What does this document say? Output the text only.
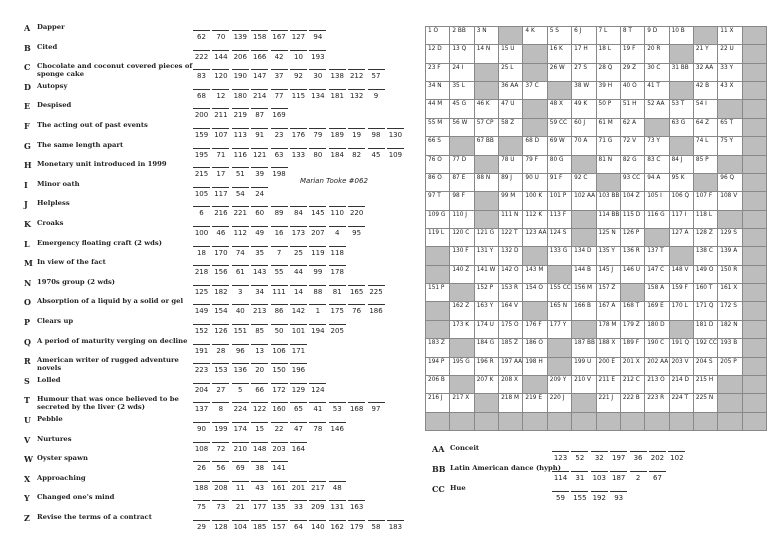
A Dapper
62	70	139 158 167 127	94
B Cited
222 144 206 166	42	10	193
C Chocolate and coconut covered pieces of sponge cake	83	120 190 147	37	92	30	138 212	57
D Autopsy
68	12	180 214	77	115 134 181 132	9
E Despised
200 211 219	87	169
F The acting out of past events
159 107 113	91	23	176	79	189	19	98	130
G The same length apart
195	71	116 121	63	133	80	184	82	45	109
H Monetary unit introduced in 1999
215	17	51	39	198
I Minor oath
105 117	54	24
J Helpless
6	216 221	60	89	84	145 110 220
K Croaks
100	46	112	49	16	173 207	4	95
L Emergency floating craft (2 wds)
18	170	74	35	7	25	119 118
M In view of the fact
218 156	61	143	55	44	99	178
N 1970s group (2 wds)
125 182	3	34	111	14	88	81	165 225
O Absorption of a liquid by a solid or gel
149 154	40	213	86	142	1	175	76	186
P Clears up
152 126 151	85	50	101 194 205
Q A period of maturity verging on decline
191	28	96	13	106 171
R American writer of rugged adventure novels	223 153 136	20	150 196
S Lolled
204	27	5	66	172 129 124
T Humour that was once believed to be secreted by the liver (2 wds)	137	8	224 122 160	65	41	53	168	97
U Pebble
90	199 174	15	22	47	78	146
V Nurtures
108	72	210 148 203 164
W Oyster spawn
26	56	69	38	141
X Approaching
188 208	11	43	161 201 217	48
Y Changed one's mind
75	73	21	177 135	33	209 131 163
Z Revise the terms of a contract
29	128 104 185 157	64	140 162 179	58	183
Marian Tooke #062
1 O	2 BB	3 N	4 K	5 S	6 J	7 L	8 T	9 D	10 B	11 X
12 D	13 Q	14 N	15 U	16 K	17 H	18 L	19 F	20 R	21 Y	22 U
23 F	24 I	25 L	26 W	27 S	28 Q	29 Z	30 C	31 BB	32 AA	33 Y
34 N	35 L	36 AA	37 C	38 W	39 H	40 O	41 T	42 B	43 X
44 M	45 G	46 K	47 U	48 X	49 K	50 P	51 H	52 AA	53 T	54 I
55 M	56 W	57 CP	58 Z	59 CC	60 J	61 M	62 A	63 G	64 Z	65 T
66 S	67 BB	68 D	69 W	70 A	71 G	72 V	73 Y	74 L	75 Y
76 O	77 D	78 U	79 F	80 G	81 N	82 G	83 C	84 J	85 P
86 O	87 E	88 N	89 J	90 U	91 F	92 C	93 CC	94 A	95 K	96 Q
97 T	98 F	99 M	100 K	101 P	102 AA 103 BB 104 Z	105 I	106 Q	107 F	108 V
109 G	110 J	111 N	112 K	113 F	114 BB 115 D	116 G	117 I	118 L
119 L	120 C	121 G	122 T	123 AA 124 S	125 N	126 P	127 A	128 Z	129 S
130 F	131 Y	132 D	133 G	134 D	135 Y	136 R	137 T	138 C	139 A
140 Z	141 W 142 O	143 M	144 B	145 J	146 U	147 C	148 V	149 O	150 R
151 P	152 P	153 R	154 O	155 CC 156 M	157 Z	158 A	159 F	160 T	161 X
162 Z	163 Y	164 V	165 N	166 B	167 A	168 T	169 E	170 L	171 Q	172 S
173 K	174 U	175 O	176 F	177 Y	178 M	179 Z	180 D	181 D	182 N
183 Z	184 G	185 Z	186 O	187 BB 188 X	189 F	190 C	191 Q	192 CC 193 B
194 P	195 G	196 R	197 AA 198 H	199 U	200 E	201 X	202 AA 203 V	204 S	205 P
206 B	207 K	208 X	209 Y	210 V	211 E	212 C	213 O	214 D	215 H
216 J	217 X	218 M	219 E	220 J	221 J	222 B	223 R	224 T	225 N
AA Conceit
123	52	32	197	36	202 102
BB Latin American dance (hyph)
114	31	103 187	2	67
CC Hue
59	155 192	93
